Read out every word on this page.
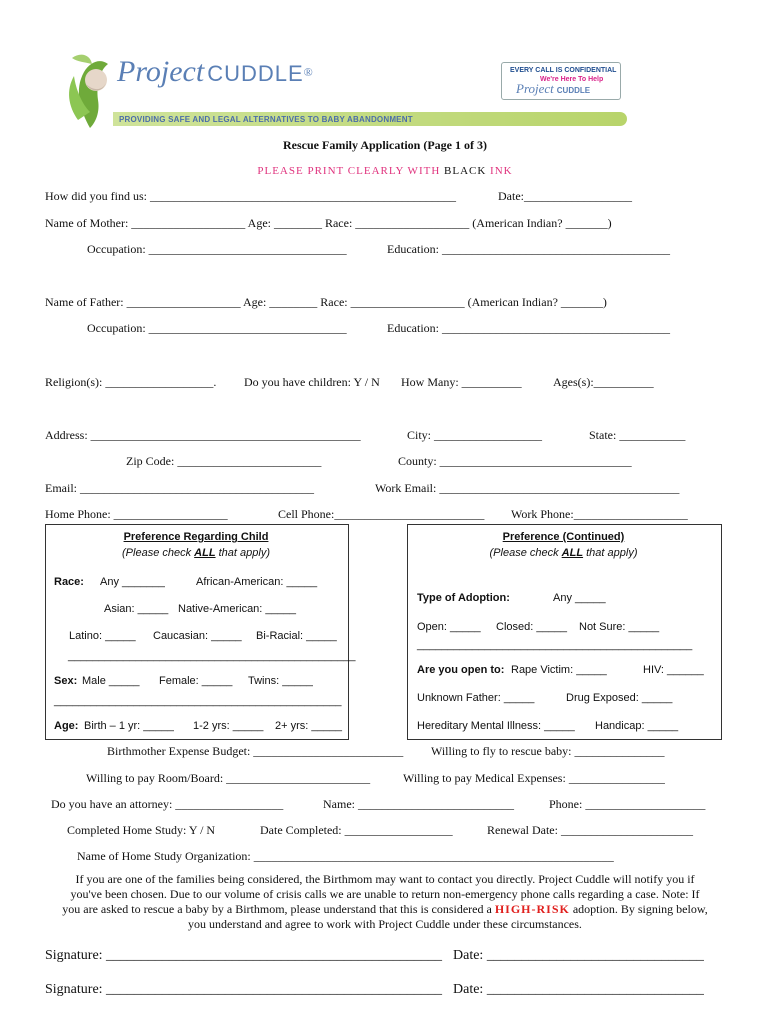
Project CUDDLE®
PROVIDING SAFE AND LEGAL ALTERNATIVES TO BABY ABANDONMENT
EVERY CALL IS CONFIDENTIAL
We're Here To Help
Project CUDDLE
Rescue Family Application (Page 1 of 3)
PLEASE PRINT CLEARLY WITH BLACK INK
How did you find us: ___________________________________________________	Date:__________________
Name of Mother: ___________________ Age: ________ Race: ___________________ (American Indian? _______)
Occupation: _________________________________	Education: ______________________________________
Name of Father: ___________________ Age: ________ Race: ___________________ (American Indian? _______)
Occupation: _________________________________	Education: ______________________________________
Religion(s): __________________. Do you have children: Y / N How Many: __________	Ages(s):__________
Address: _____________________________________________	City: __________________	State: ___________
Zip Code: ________________________	County: ________________________________
Email: _______________________________________	Work Email: ________________________________________
Home Phone: ___________________	Cell Phone:_________________________ Work Phone:___________________
Preference Regarding Child
(Please check ALL that apply)
Race: Any _______	African-American: _____
Asian: _____ Native-American: _____
Latino: _____ Caucasian: _____ Bi-Racial: _____
_______________________________________________
Sex: Male _____ Female: _____ Twins: _____
_______________________________________________
Age: Birth – 1 yr: _____ 1-2 yrs: _____ 2+ yrs: _____
Preference (Continued)
(Please check ALL that apply)
Type of Adoption:	Any _____
Open: _____ Closed: _____ Not Sure: _____
_____________________________________________
Are you open to: Rape Victim: _____	HIV: ______
Unknown Father: _____	Drug Exposed: _____
Hereditary Mental Illness: _____ Handicap: _____
Birthmother Expense Budget: _________________________ Willing to fly to rescue baby: _______________
Willing to pay Room/Board: ________________________	Willing to pay Medical Expenses: ________________
Do you have an attorney: __________________	Name: __________________________	Phone: ____________________
Completed Home Study: Y / N	Date Completed: __________________	Renewal Date: ______________________
Name of Home Study Organization: ____________________________________________________________
If you are one of the families being considered, the Birthmom may want to contact you directly. Project Cuddle will notify you if
you've been chosen. Due to our volume of crisis calls we are unable to return non-emergency phone calls regarding a case. Note: If
you are asked to rescue a baby by a Birthmom, please understand that this is considered a HIGH-RISK adoption. By signing below,
you understand and agree to work with Project Cuddle under these circumstances.
Signature: ________________________________________________ Date: _______________________________
Signature: ________________________________________________ Date: _______________________________
